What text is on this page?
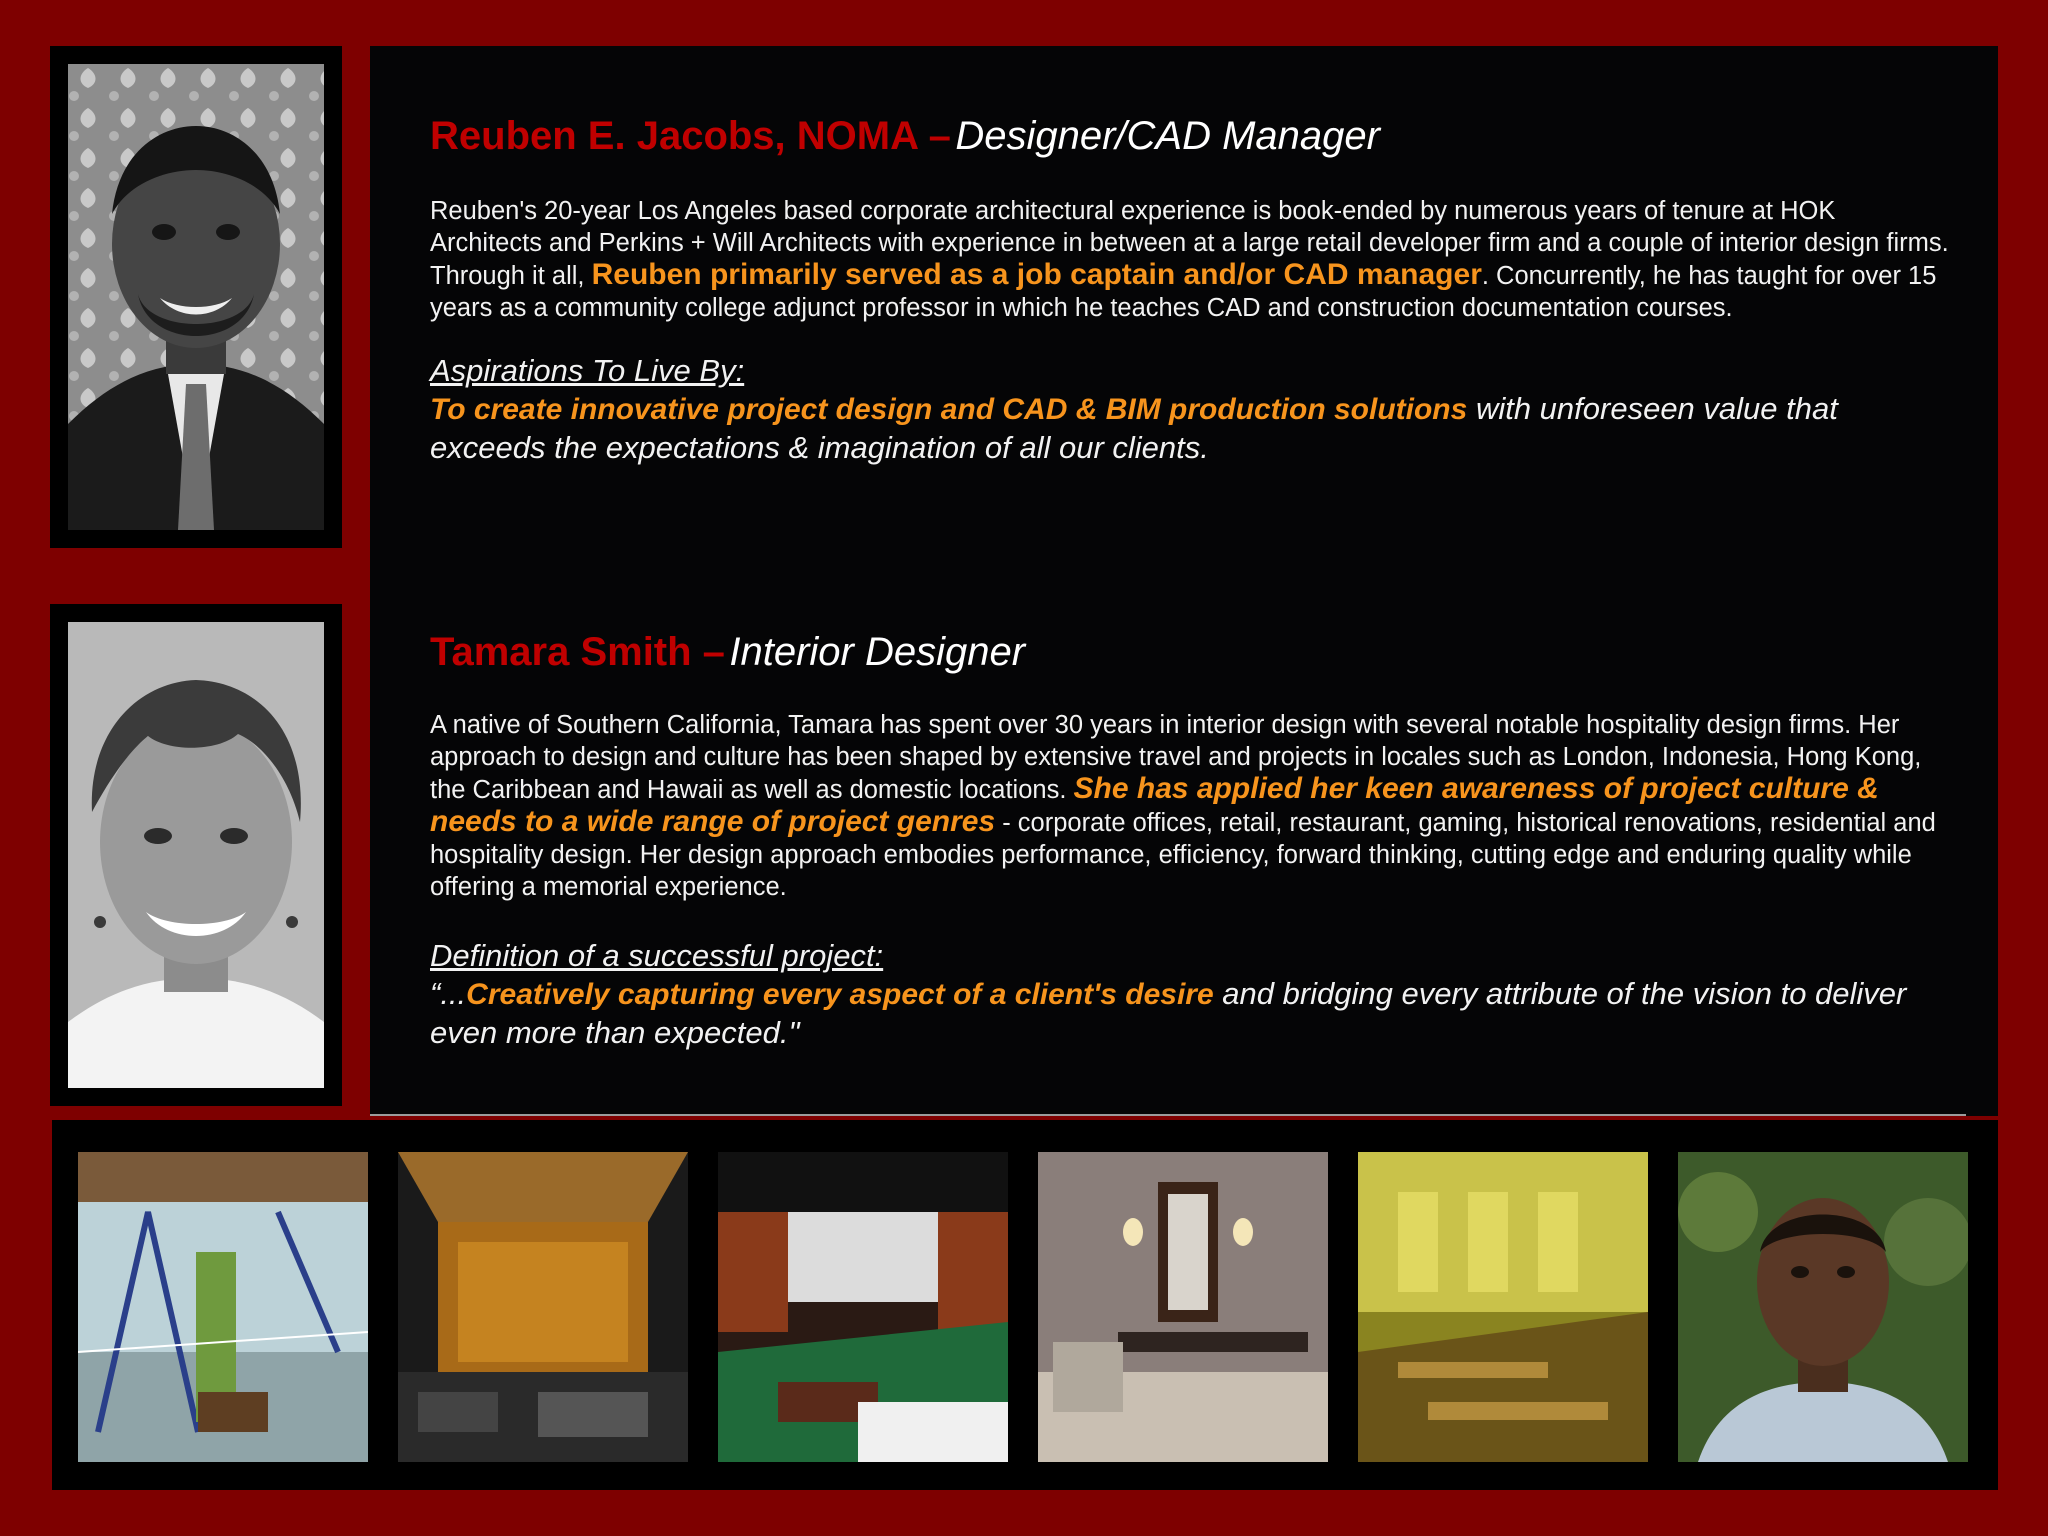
Reuben E. Jacobs, NOMA – Designer/CAD Manager

Reuben's 20-year Los Angeles based corporate architectural experience is book-ended by numerous years of tenure at HOK Architects and Perkins + Will Architects with experience in between at a large retail developer firm and a couple of interior design firms. Through it all, Reuben primarily served as a job captain and/or CAD manager. Concurrently, he has taught for over 15 years as a community college adjunct professor in which he teaches CAD and construction documentation courses.

Aspirations To Live By:

To create innovative project design and CAD & BIM production solutions with unforeseen value that exceeds the expectations & imagination of all our clients.

Tamara Smith – Interior Designer

A native of Southern California, Tamara has spent over 30 years in interior design with several notable hospitality design firms. Her approach to design and culture has been shaped by extensive travel and projects in locales such as London, Indonesia, Hong Kong, the Caribbean and Hawaii as well as domestic locations. She has applied her keen awareness of project culture & needs to a wide range of project genres - corporate offices, retail, restaurant, gaming, historical renovations, residential and hospitality design. Her design approach embodies performance, efficiency, forward thinking, cutting edge and enduring quality while offering a memorial experience.

Definition of a successful project:

“...Creatively capturing every aspect of a client's desire and bridging every attribute of the vision to deliver even more than expected."
